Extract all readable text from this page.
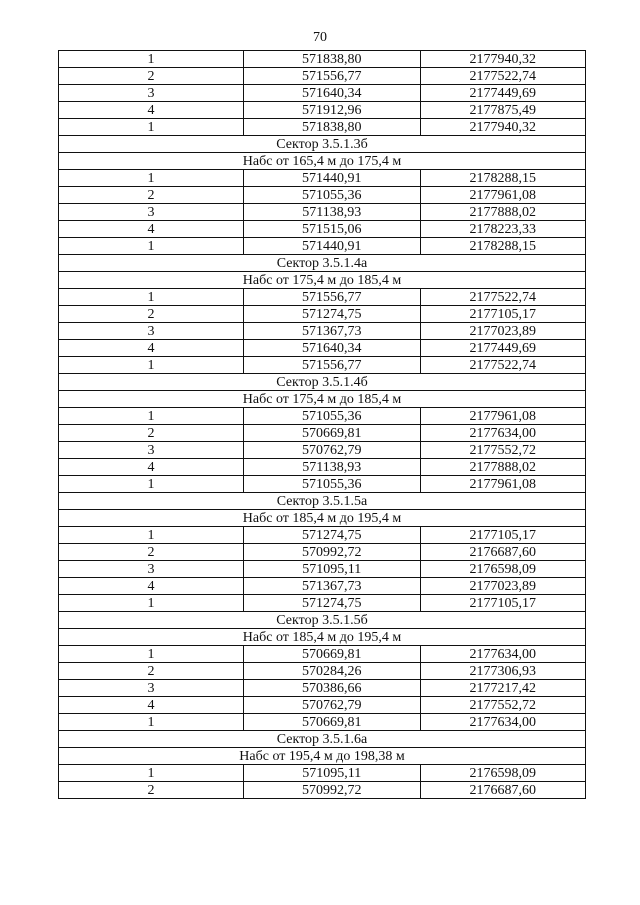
70
1	571838,80	2177940,32
2	571556,77	2177522,74
3	571640,34	2177449,69
4	571912,96	2177875,49
1	571838,80	2177940,32
Сектор 3.5.1.3б		
Набс от 165,4 м до 175,4 м		
1	571440,91	2178288,15
2	571055,36	2177961,08
3	571138,93	2177888,02
4	571515,06	2178223,33
1	571440,91	2178288,15
Сектор 3.5.1.4а		
Набс от 175,4 м до 185,4 м		
1	571556,77	2177522,74
2	571274,75	2177105,17
3	571367,73	2177023,89
4	571640,34	2177449,69
1	571556,77	2177522,74
Сектор 3.5.1.4б		
Набс от 175,4 м до 185,4 м		
1	571055,36	2177961,08
2	570669,81	2177634,00
3	570762,79	2177552,72
4	571138,93	2177888,02
1	571055,36	2177961,08
Сектор 3.5.1.5а		
Набс от 185,4 м до 195,4 м		
1	571274,75	2177105,17
2	570992,72	2176687,60
3	571095,11	2176598,09
4	571367,73	2177023,89
1	571274,75	2177105,17
Сектор 3.5.1.5б		
Набс от 185,4 м до 195,4 м		
1	570669,81	2177634,00
2	570284,26	2177306,93
3	570386,66	2177217,42
4	570762,79	2177552,72
1	570669,81	2177634,00
Сектор 3.5.1.6а		
Набс от 195,4 м до 198,38 м		
1	571095,11	2176598,09
2	570992,72	2176687,60
